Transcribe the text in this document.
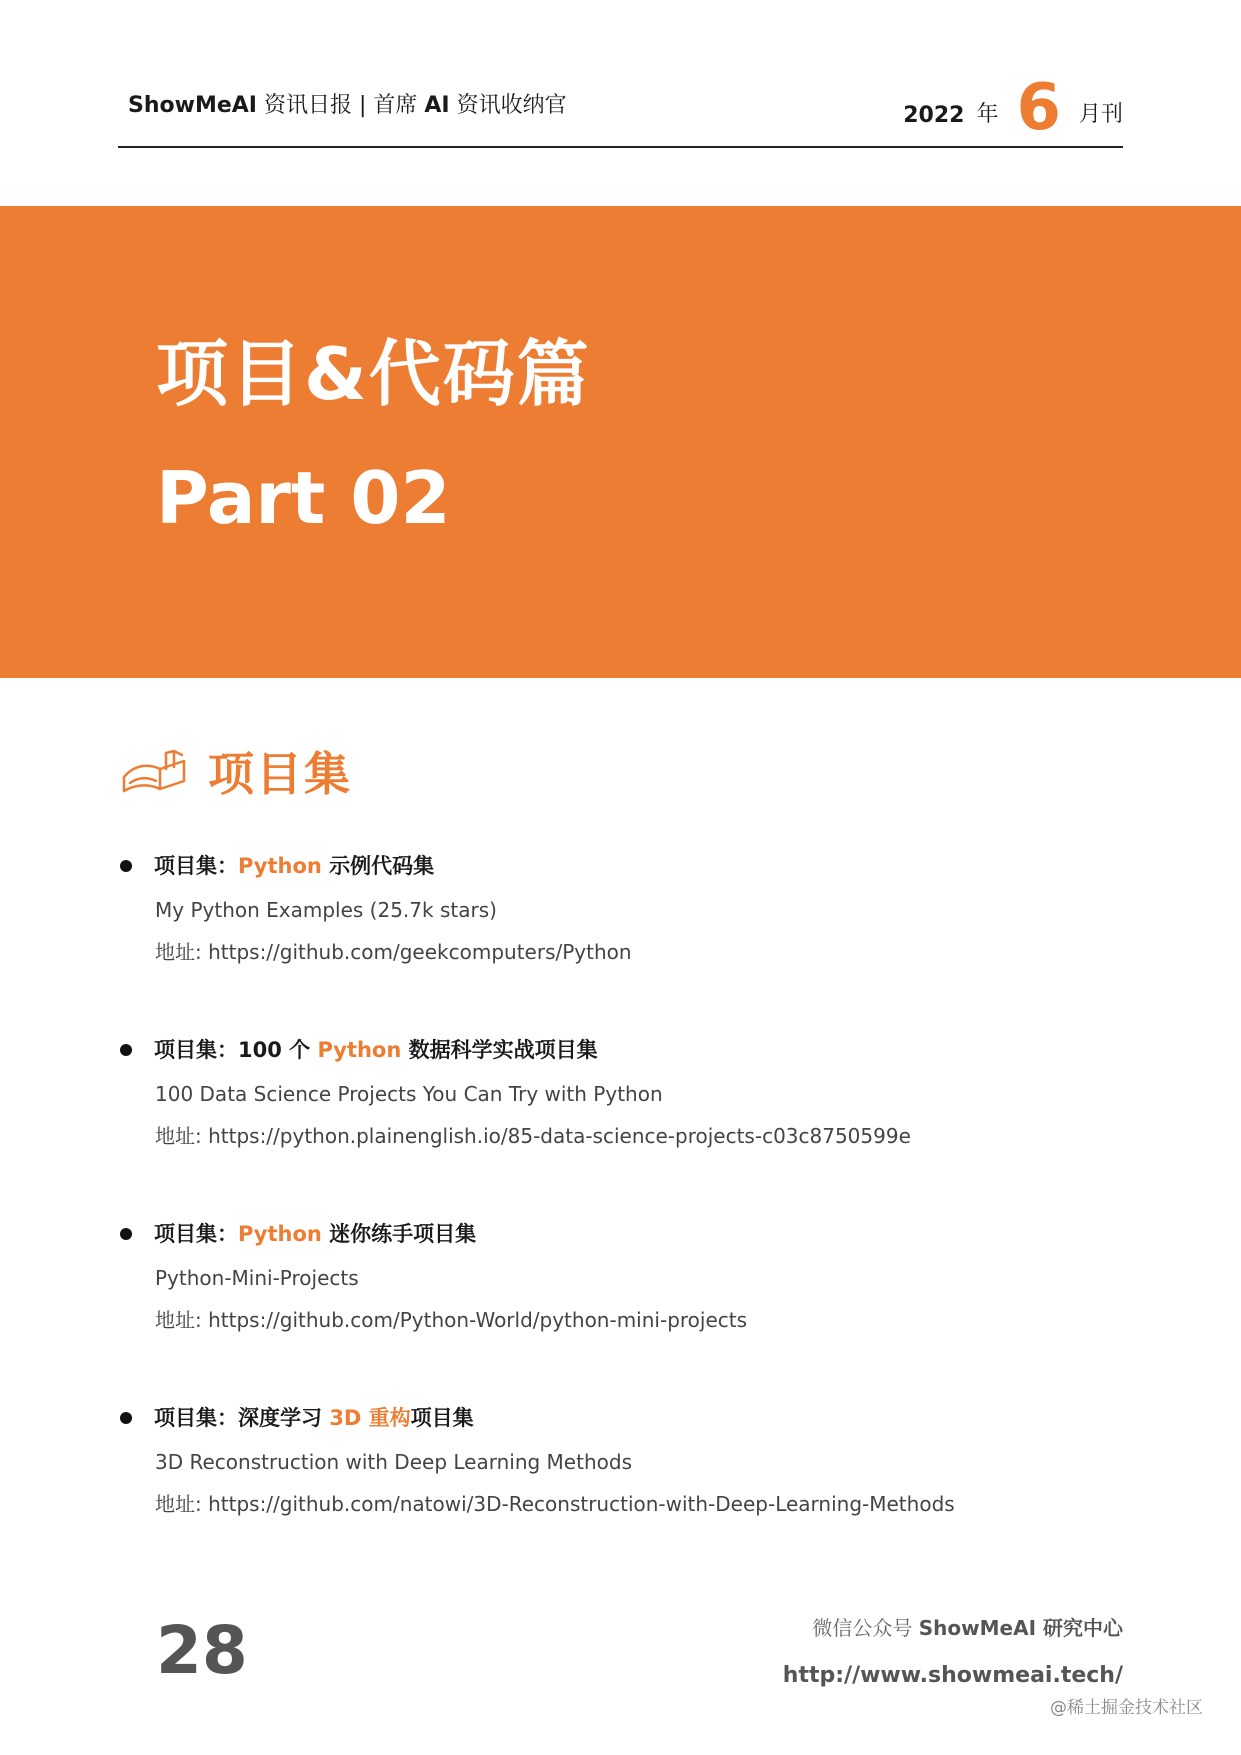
ShowMeAI 资讯日报 | 首席 AI 资讯收纳官	2022 年 6 月刊
项目&代码篇
Part 02
项目集
项目集：Python 示例代码集
My Python Examples (25.7k stars)
地址: https://github.com/geekcomputers/Python
项目集：100 个 Python 数据科学实战项目集
100 Data Science Projects You Can Try with Python
地址: https://python.plainenglish.io/85-data-science-projects-c03c8750599e
项目集：Python 迷你练手项目集
Python-Mini-Projects
地址: https://github.com/Python-World/python-mini-projects
项目集：深度学习 3D 重构项目集
3D Reconstruction with Deep Learning Methods
地址: https://github.com/natowi/3D-Reconstruction-with-Deep-Learning-Methods
28	微信公众号 ShowMeAI 研究中心
http://www.showmeai.tech/
@稀土掘金技术社区
